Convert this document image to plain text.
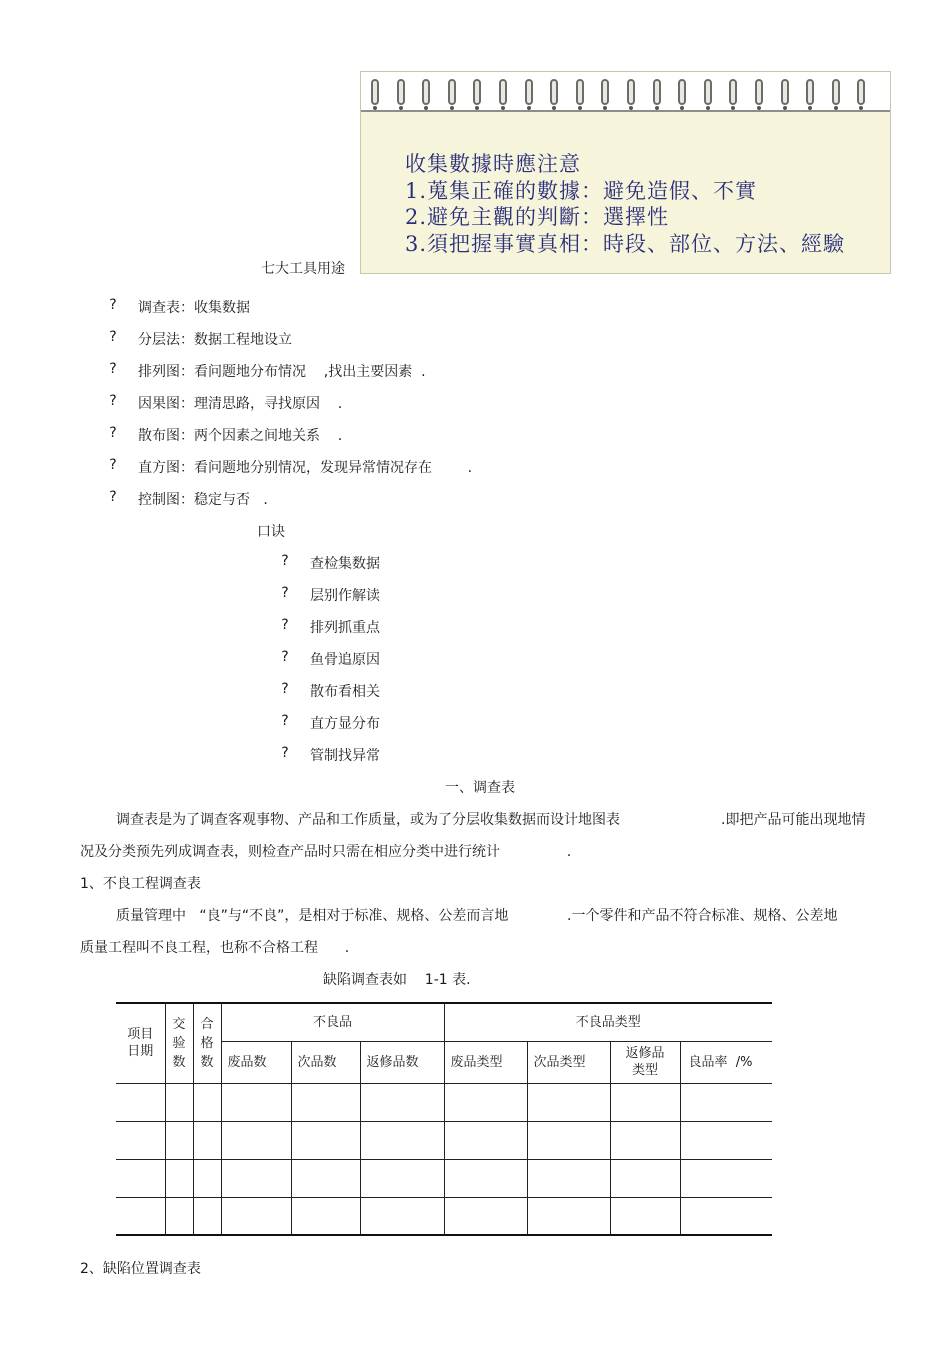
收集數據時應注意
1.蒐集正確的數據：避免造假、不實
2.避免主觀的判斷：選擇性
3.須把握事實真相：時段、部位、方法、經驗
七大工具用途
? 调查表：收集数据
? 分层法：数据工程地设立
? 排列图：看问题地分布情况    ,找出主要因素  .
? 因果图：理清思路，寻找原因    .
? 散布图：两个因素之间地关系    .
? 直方图：看问题地分别情况，发现异常情况存在        .
? 控制图：稳定与否   .
口诀
? 查检集数据
? 层别作解读
? 排列抓重点
? 鱼骨追原因
? 散布看相关
? 直方显分布
? 管制找异常
一、调查表
调查表是为了调查客观事物、产品和工作质量，或为了分层收集数据而设计地图表	.即把产品可能出现地情
况及分类预先列成调查表，则检查产品时只需在相应分类中进行统计               .
1、不良工程调查表
质量管理中   “良”与“不良”，是相对于标准、规格、公差而言地	.一个零件和产品不符合标准、规格、公差地
质量工程叫不良工程，也称不合格工程      .
缺陷调查表如    1-1 表.
项目
日期	交验数	合格数	不良品			不良品类型			
			废品数	次品数	返修品数	废品类型	次品类型	返修品类型	良品率  /%

2、缺陷位置调查表
